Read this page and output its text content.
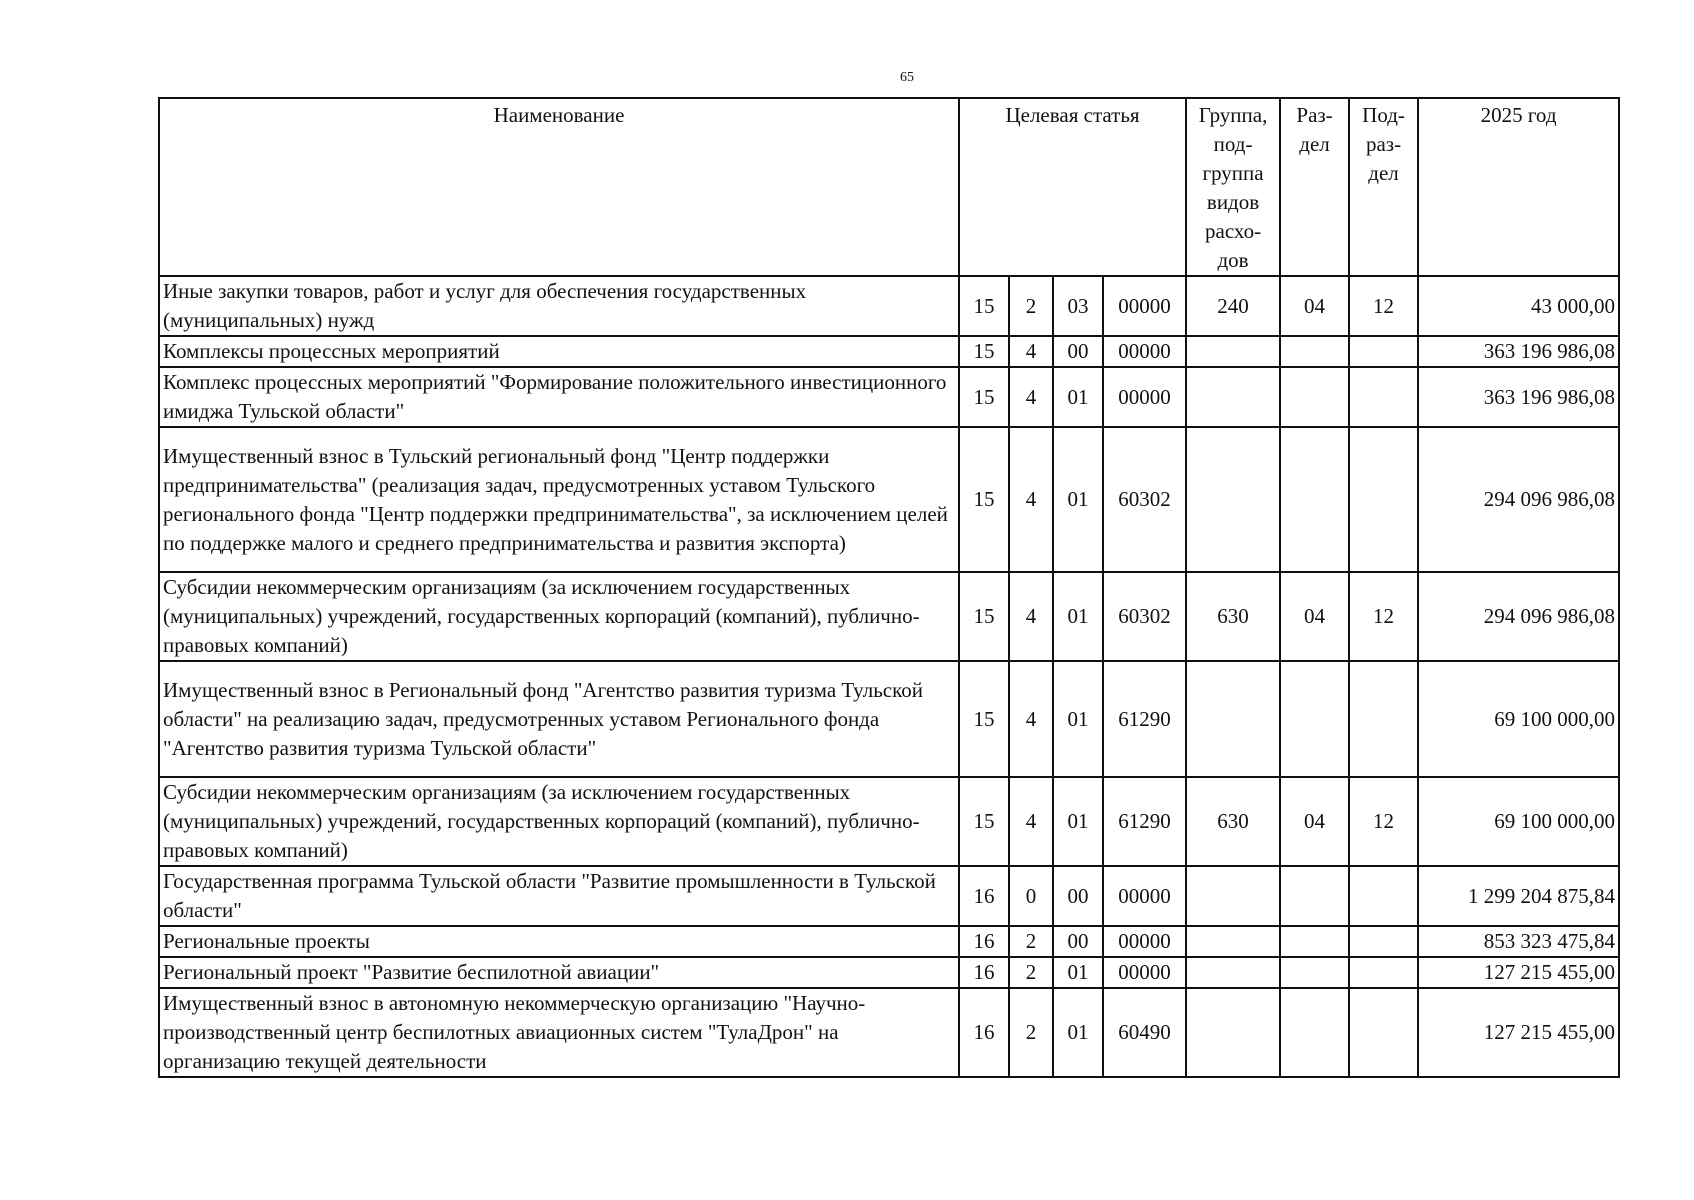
65
Наименование	Целевая статья				Группа, под-группа видов расхо-дов	Раз-дел	Под-раз-дел	2025 год
Иные закупки товаров, работ и услуг для обеспечения государственных (муниципальных) нужд	15	2	03	00000	240	04	12	43 000,00
Комплексы процессных мероприятий	15	4	00	00000				363 196 986,08
Комплекс процессных мероприятий "Формирование положительного инвестиционного имиджа Тульской области"	15	4	01	00000				363 196 986,08
Имущественный взнос в Тульский региональный фонд "Центр поддержки предпринимательства" (реализация задач, предусмотренных уставом Тульского регионального фонда "Центр поддержки предпринимательства", за исключением целей по поддержке малого и среднего предпринимательства и развития экспорта)	15	4	01	60302				294 096 986,08
Субсидии некоммерческим организациям (за исключением государственных (муниципальных) учреждений, государственных корпораций (компаний), публично-правовых компаний)	15	4	01	60302	630	04	12	294 096 986,08
Имущественный взнос в Региональный фонд "Агентство развития туризма Тульской области" на реализацию задач, предусмотренных уставом Регионального фонда "Агентство развития туризма Тульской области"	15	4	01	61290				69 100 000,00
Субсидии некоммерческим организациям (за исключением государственных (муниципальных) учреждений, государственных корпораций (компаний), публично-правовых компаний)	15	4	01	61290	630	04	12	69 100 000,00
Государственная программа Тульской области "Развитие промышленности в Тульской области"	16	0	00	00000				1 299 204 875,84
Региональные проекты	16	2	00	00000				853 323 475,84
Региональный проект "Развитие беспилотной авиации"	16	2	01	00000				127 215 455,00
Имущественный взнос в автономную некоммерческую организацию "Научно-производственный центр беспилотных авиационных систем "ТулаДрон" на организацию текущей деятельности	16	2	01	60490				127 215 455,00
